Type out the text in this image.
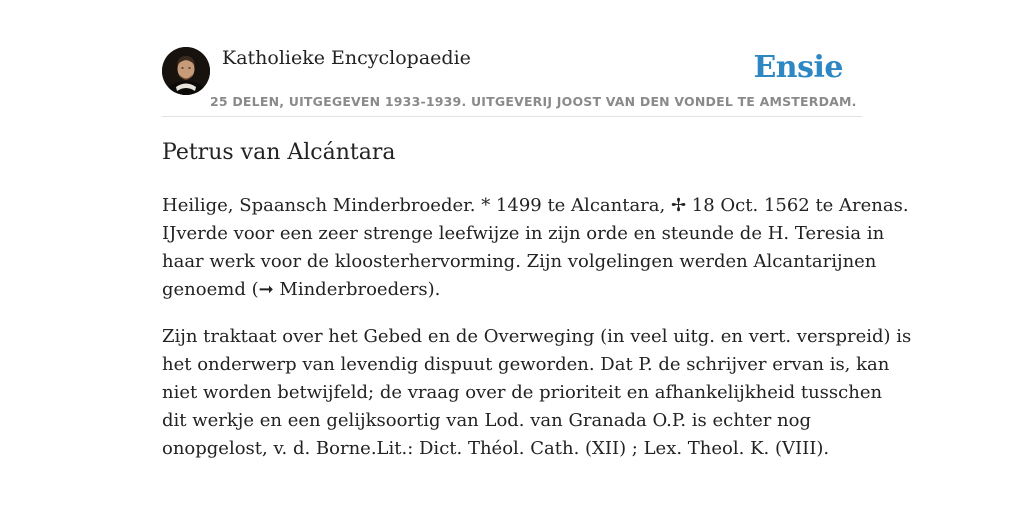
Katholieke Encyclopaedie
25 DELEN, UITGEGEVEN 1933-1939. UITGEVERIJ JOOST VAN DEN VONDEL TE AMSTERDAM.
Ensie
Petrus van Alcántara

Heilige, Spaansch Minderbroeder. * 1499 te Alcantara, ✢ 18 Oct. 1562 te Arenas.
IJverde voor een zeer strenge leefwijze in zijn orde en steunde de H. Teresia in
haar werk voor de kloosterhervorming. Zijn volgelingen werden Alcantarijnen
genoemd (➞ Minderbroeders).

Zijn traktaat over het Gebed en de Overweging (in veel uitg. en vert. verspreid) is
het onderwerp van levendig dispuut geworden. Dat P. de schrijver ervan is, kan
niet worden betwijfeld; de vraag over de prioriteit en afhankelijkheid tusschen
dit werkje en een gelijksoortig van Lod. van Granada O.P. is echter nog
onopgelost, v. d. Borne.Lit.: Dict. Théol. Cath. (XII) ; Lex. Theol. K. (VIII).
